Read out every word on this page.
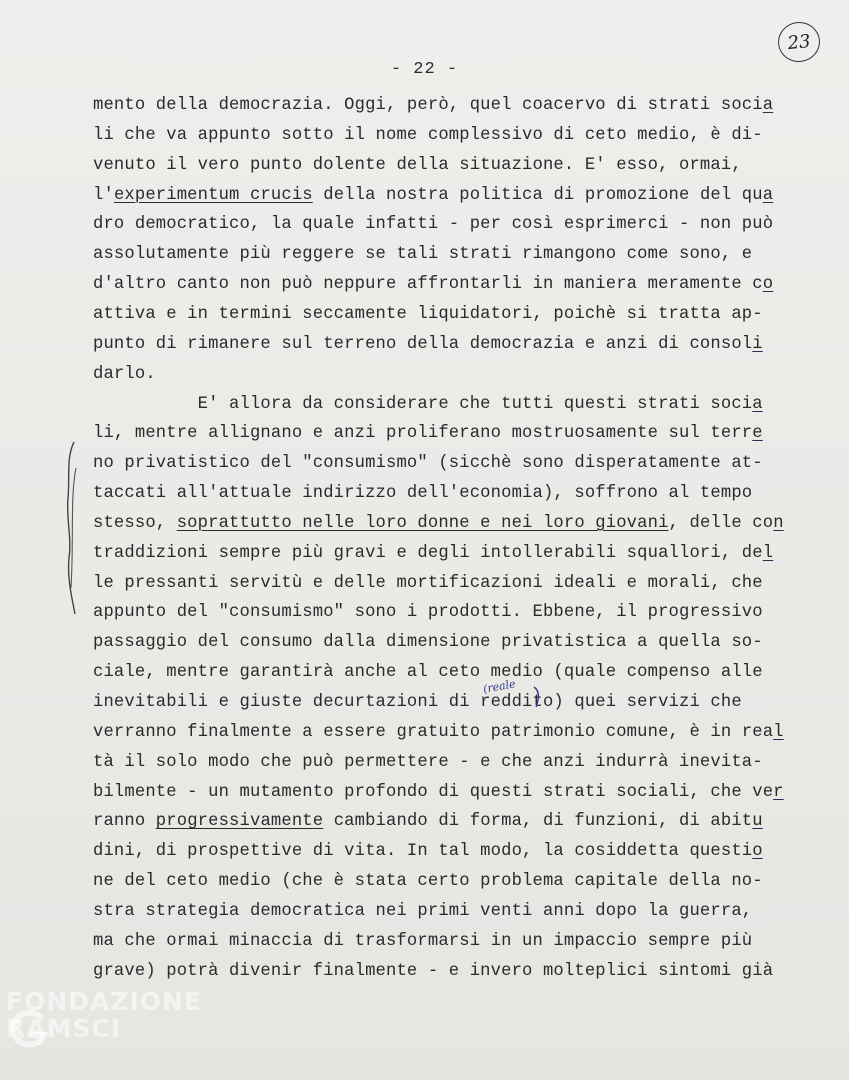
23
- 22 -
mento della democrazia. Oggi, però, quel coacervo di strati socia
li che va appunto sotto il nome complessivo di ceto medio, è di-
venuto il vero punto dolente della situazione. E' esso, ormai,
l'experimentum crucis della nostra politica di promozione del qua
dro democratico, la quale infatti - per così esprimerci - non può
assolutamente più reggere se tali strati rimangono come sono, e
d'altro canto non può neppure affrontarli in maniera meramente co
attiva e in termini seccamente liquidatori, poichè si tratta ap-
punto di rimanere sul terreno della democrazia e anzi di consoli
darlo.
E' allora da considerare che tutti questi strati socia
li, mentre allignano e anzi proliferano mostruosamente sul terre
no privatistico del "consumismo" (sicchè sono disperatamente at-
taccati all'attuale indirizzo dell'economia), soffrono al tempo
stesso, soprattutto nelle loro donne e nei loro giovani, delle con
traddizioni sempre più gravi e degli intollerabili squallori, del
le pressanti servitù e delle mortificazioni ideali e morali, che
appunto del "consumismo" sono i prodotti. Ebbene, il progressivo
passaggio del consumo dalla dimensione privatistica a quella so-
ciale, mentre garantirà anche al ceto medio (quale compenso alle
inevitabili e giuste decurtazioni di reddito) quei servizi che
verranno finalmente a essere gratuito patrimonio comune, è in real
tà il solo modo che può permettere - e che anzi indurrà inevita-
bilmente - un mutamento profondo di questi strati sociali, che ver
ranno progressivamente cambiando di forma, di funzioni, di abitu
dini, di prospettive di vita. In tal modo, la cosiddetta questio
ne del ceto medio (che è stata certo problema capitale della no-
stra strategia democratica nei primi venti anni dopo la guerra,
ma che ormai minaccia di trasformarsi in un impaccio sempre più
grave) potrà divenir finalmente - e invero molteplici sintomi già
(reale
FONDAZIONE
RAMSCI
